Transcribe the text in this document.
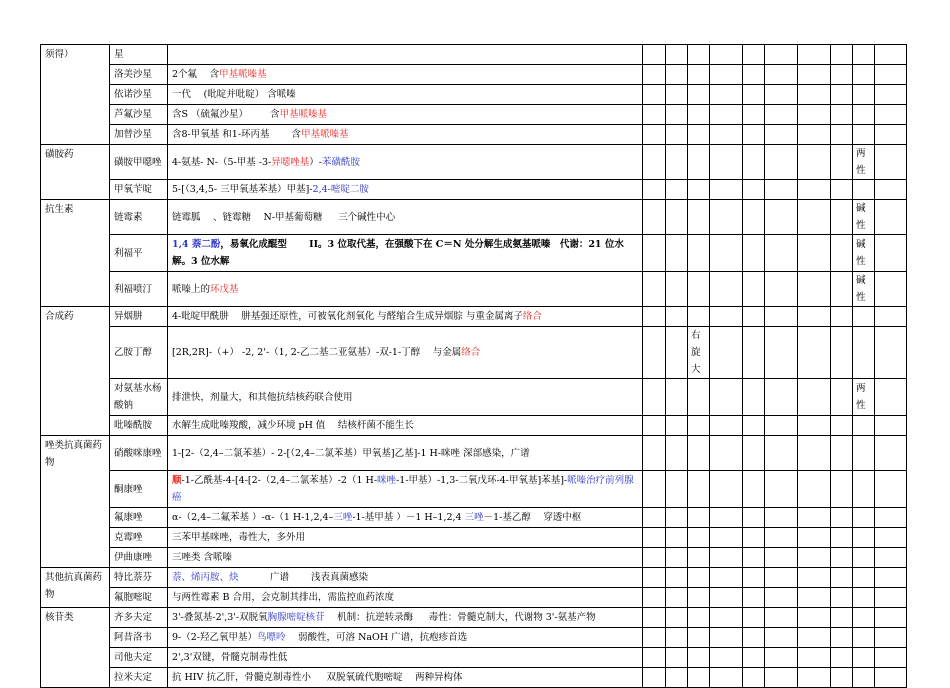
须得）	星											
	洛美沙星	2个氟 　含甲基哌嗪基										
	依诺沙星	一代 　(吡啶并吡啶） 含哌嗪										
	芦氟沙星	含S （硫氟沙星） 　　含甲基哌嗪基										
	加替沙星	含8-甲氧基 和1-环丙基 　　含甲基哌嗪基										
磺胺药	磺胺甲噁唑	4-氨基- N-（5-甲基 -3-异噁唑基）-苯磺酰胺									两性	
	甲氧苄啶	5-[（3,4,5- 三甲氧基苯基）甲基]-2,4-嘧啶二胺										
抗生素	链霉素	链霉胍 　、链霉糖 　N-甲基葡萄糖 　 三个碱性中心									碱性	
	利福平	1,4 萘二酚，易氧化成醌型　　 II。3 位取代基，在强酸下在 C＝N 处分解生成氨基哌嗪　代谢：21 位水解。3 位水解									碱性	
	利福喷汀	哌嗪上的环戊基									碱性	
合成药	异烟肼	4-吡啶甲酰肼 　肼基强还原性，可被氧化剂氧化 与醛缩合生成异烟腙 与重金属离子络合										
	乙胺丁醇	[2R,2R]-（+） -2, 2'-（1, 2-乙二基二亚氨基）-双-1-丁醇 　与金属络合			右旋大							
	对氨基水杨酸钠	排泄快，剂量大，和其他抗结核药联合使用									两性	
	吡嗪酰胺	水解生成吡嗪羧酸，减少环境 pH 值 　结核杆菌不能生长										
唑类抗真菌药物	硝酸咪康唑	1-[2-（2,4–二氯苯基）- 2-[（2,4–二氯苯基）甲氧基]乙基]-1 H-咪唑 深部感染，广谱										
	酮康唑	顺-1-乙酰基-4-[4-[2-（2,4–二氯苯基）-2（1 H-咪唑-1-甲基）-1,3-二氧戊环-4-甲氧基]苯基]-哌嗪治疗前列腺癌										
	氟康唑	α-（2,4–二氟苯基 ）-α-（1 H-1,2,4–三唑-1-基甲基 ）－1 H–1,2,4 三唑－1-基乙醇 　穿透中枢										
	克霉唑	三苯甲基咪唑，毒性大，多外用										
	伊曲康唑	三唑类 含哌嗪										
其他抗真菌药物	特比萘芬	萘、烯丙胺、炔 　　　广谱 　　浅表真菌感染										
	氟胞嘧啶	与两性霉素 B 合用，会克制其排出，需监控血药浓度										
核苷类	齐多夫定	3'-叠氮基-2',3'-双脱氧胸腺嘧啶核苷 　机制：抗逆转录酶 　 毒性：骨髓克制大，代谢物 3'-氨基产物										
	阿昔洛韦	9-（2-羟乙氧甲基）鸟嘌呤 　弱酸性，可溶 NaOH 广谱，抗疱疹首选										
	司他夫定	2',3'双键，骨髓克制毒性低										
	拉米夫定	抗 HIV 抗乙肝，骨髓克制毒性小 　 双脱氧硫代胞嘧啶 　两种异构体										
